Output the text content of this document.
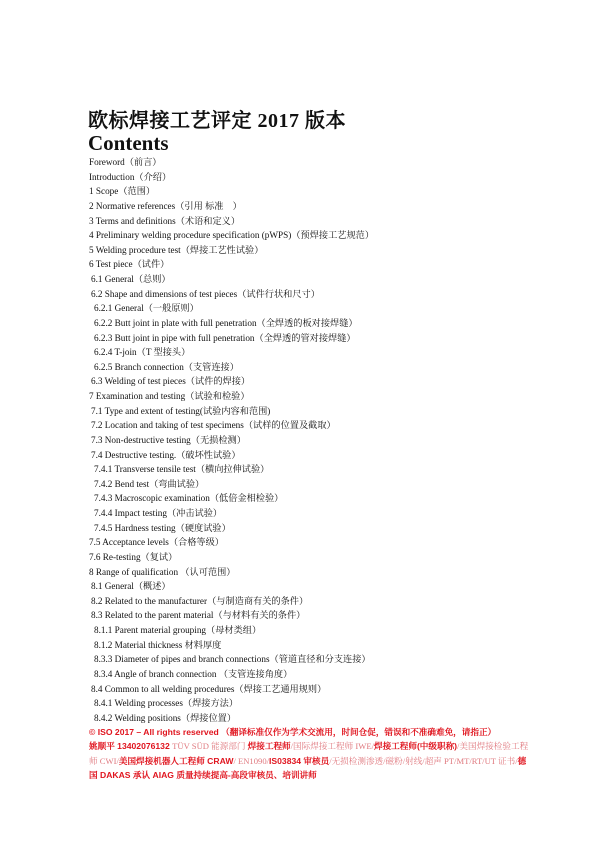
欧标焊接工艺评定 2017 版本
Contents
Foreword（前言）
Introduction（介绍）
1 Scope（范围）
2 Normative references（引用 标准　）
3 Terms and definitions（术语和定义）
4 Preliminary welding procedure specification (pWPS)（预焊接工艺规范）
5 Welding procedure test（焊接工艺性试验）
6 Test piece（试件）
6.1 General（总则）
6.2 Shape and dimensions of test pieces（试件行状和尺寸）
6.2.1 General（一般原则）
6.2.2 Butt joint in plate with full penetration（全焊透的板对接焊缝）
6.2.3 Butt joint in pipe with full penetration（全焊透的管对接焊缝）
6.2.4 T-join（T 型接头）
6.2.5 Branch connection（支管连接）
6.3 Welding of test pieces（试件的焊接）
7 Examination and testing（试验和检验）
7.1 Type and extent of testing(试验内容和范围)
7.2 Location and taking of test specimens（试样的位置及截取）
7.3 Non-destructive testing（无损检测）
7.4 Destructive testing.（破坏性试验）
7.4.1 Transverse tensile test（横向拉伸试验）
7.4.2 Bend test（弯曲试验）
7.4.3 Macroscopic examination（低倍金相检验）
7.4.4 Impact testing（冲击试验）
7.4.5 Hardness testing（硬度试验）
7.5 Acceptance levels（合格等级）
7.6 Re-testing（复试）
8 Range of qualification （认可范围）
8.1 General（概述）
8.2 Related to the manufacturer（与制造商有关的条件）
8.3 Related to the parent material（与材料有关的条件）
8.1.1 Parent material grouping（母材类组）
8.1.2 Material thickness 材料厚度
8.3.3 Diameter of pipes and branch connections（管道直径和分支连接）
8.3.4 Angle of branch connection （支管连接角度）
8.4 Common to all welding procedures（焊接工艺通用规则）
8.4.1 Welding processes（焊接方法）
8.4.2 Welding positions（焊接位置）
© ISO 2017 – All rights reserved （翻译标准仅作为学术交流用，时间仓促，错误和不准确难免，请指正）
姚顺平 13402076132 TÜV SÜD 能源部门 焊接工程师/国际焊接工程师 IWE/焊接工程师(中级职称)/美国焊接检验工程师 CWI/美国焊接机器人工程师 CRAW/ EN1090/IS03834 审核员/无损检测渗透/磁粉/射线/超声 PT/MT/RT/UT 证书/德国 DAKAS 承认 AIAG 质量持续提高-高段审核员、培训讲师
